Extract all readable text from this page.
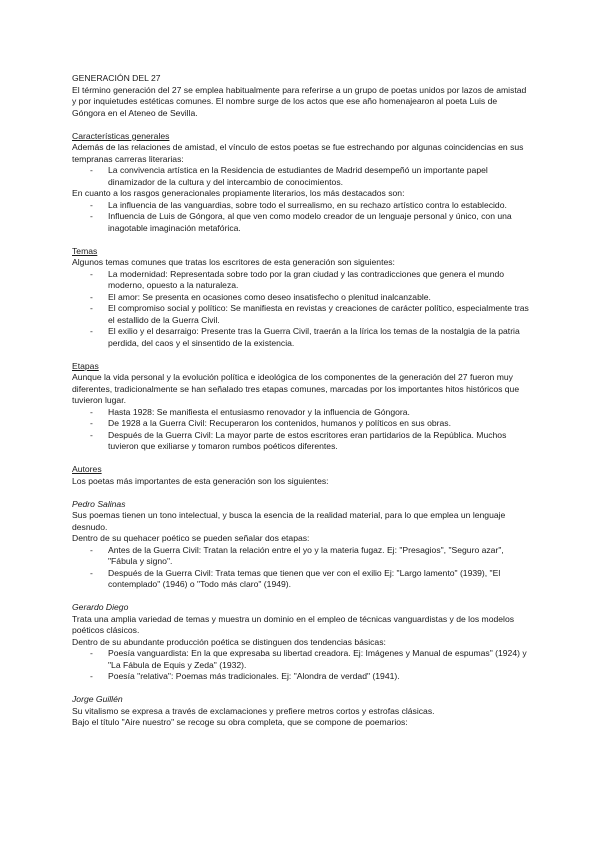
GENERACIÓN DEL 27

El término generación del 27 se emplea habitualmente para referirse a un grupo de poetas unidos por lazos de amistad y por inquietudes estéticas comunes. El nombre surge de los actos que ese año homenajearon al poeta Luis de Góngora en el Ateneo de Sevilla.

Características generales

Además de las relaciones de amistad, el vínculo de estos poetas se fue estrechando por algunas coincidencias en sus tempranas carreras literarias:

- La convivencia artística en la Residencia de estudiantes de Madrid desempeñó un importante papel dinamizador de la cultura y del intercambio de conocimientos.

En cuanto a los rasgos generacionales propiamente literarios, los más destacados son:

- La influencia de las vanguardias, sobre todo el surrealismo, en su rechazo artístico contra lo establecido.
- Influencia de Luis de Góngora, al que ven como modelo creador de un lenguaje personal y único, con una inagotable imaginación metafórica.

Temas

Algunos temas comunes que tratas los escritores de esta generación son siguientes:

- La modernidad: Representada sobre todo por la gran ciudad y las contradicciones que genera el mundo moderno, opuesto a la naturaleza.
- El amor: Se presenta en ocasiones como deseo insatisfecho o plenitud inalcanzable.
- El compromiso social y político: Se manifiesta en revistas y creaciones de carácter político, especialmente tras el estallido de la Guerra Civil.
- El exilio y el desarraigo: Presente tras la Guerra Civil, traerán a la lírica los temas de la nostalgia de la patria perdida, del caos y el sinsentido de la existencia.

Etapas

Aunque la vida personal y la evolución política e ideológica de los componentes de la generación del 27 fueron muy diferentes, tradicionalmente se han señalado tres etapas comunes, marcadas por los importantes hitos históricos que tuvieron lugar.

- Hasta 1928: Se manifiesta el entusiasmo renovador y la influencia de Góngora.
- De 1928 a la Guerra Civil: Recuperaron los contenidos, humanos y políticos en sus obras.
- Después de la Guerra Civil: La mayor parte de estos escritores eran partidarios de la República. Muchos tuvieron que exiliarse y tomaron rumbos poéticos diferentes.

Autores

Los poetas más importantes de esta generación son los siguientes:

Pedro Salinas

Sus poemas tienen un tono intelectual, y busca la esencia de la realidad material, para lo que emplea un lenguaje desnudo.

Dentro de su quehacer poético se pueden señalar dos etapas:

- Antes de la Guerra Civil: Tratan la relación entre el yo y la materia fugaz. Ej: "Presagios", "Seguro azar", "Fábula y signo".
- Después de la Guerra Civil: Trata temas que tienen que ver con el exilio Ej: "Largo lamento" (1939), "El contemplado" (1946) o "Todo más claro" (1949).

Gerardo Diego

Trata una amplia variedad de temas y muestra un dominio en el empleo de técnicas vanguardistas y de los modelos poéticos clásicos.

Dentro de su abundante producción poética se distinguen dos tendencias básicas:

- Poesía vanguardista: En la que expresaba su libertad creadora. Ej: Imágenes y Manual de espumas" (1924) y "La Fábula de Equis y Zeda" (1932).
- Poesía "relativa": Poemas más tradicionales. Ej: "Alondra de verdad" (1941).

Jorge Guillén

Su vitalismo se expresa a través de exclamaciones y prefiere metros cortos y estrofas clásicas.

Bajo el título "Aire nuestro" se recoge su obra completa, que se compone de poemarios:
